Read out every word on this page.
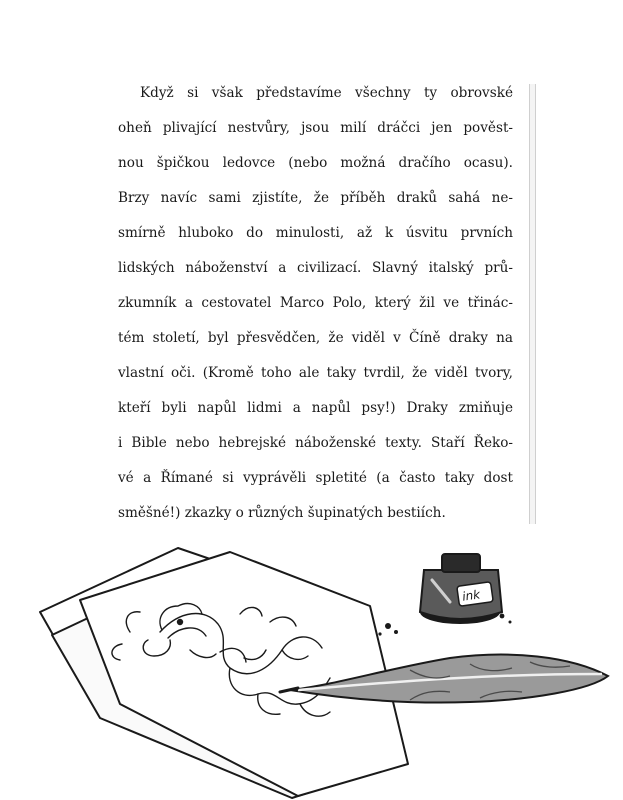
Když si však představíme všechny ty obrovské
oheň plivající nestvůry, jsou milí dráčci jen pověst-
nou špičkou ledovce (nebo možná dračího ocasu).
Brzy navíc sami zjistíte, že příběh draků sahá ne-
smírně hluboko do minulosti, až k úsvitu prvních
lidských náboženství a civilizací. Slavný italský prů-
zkumník a cestovatel Marco Polo, který žil ve třinác-
tém století, byl přesvědčen, že viděl v Číně draky na
vlastní oči. (Kromě toho ale taky tvrdil, že viděl tvory,
kteří byli napůl lidmi a napůl psy!) Draky zmiňuje
i Bible nebo hebrejské náboženské texty. Staří Řeko-
vé a Římané si vyprávěli spletité (a často taky dost
směšné!) zkazky o různých šupinatých bestiích.
ink
